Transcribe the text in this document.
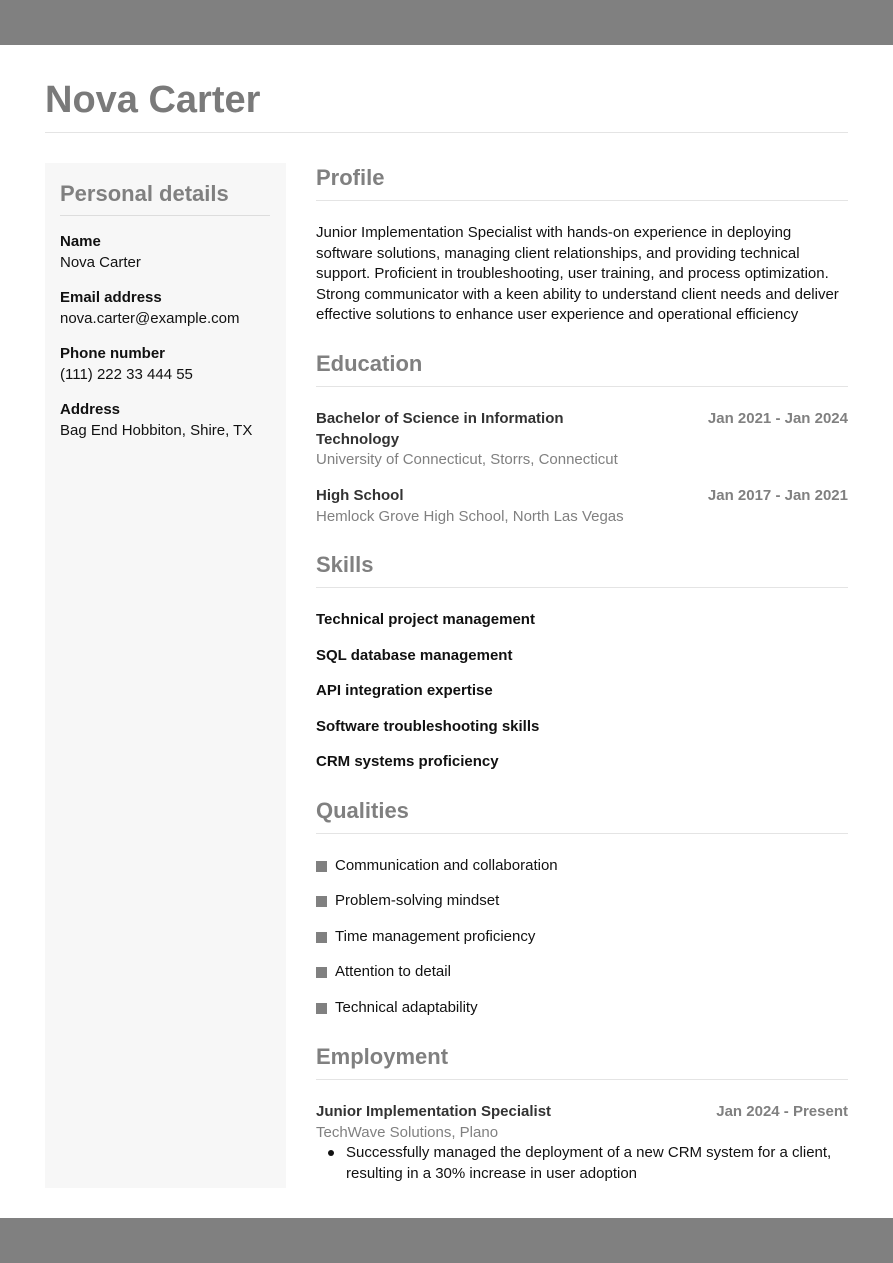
Nova Carter
Personal details
Name
Nova Carter
Email address
nova.carter@example.com
Phone number
(111) 222 33 444 55
Address
Bag End Hobbiton, Shire, TX
Profile
Junior Implementation Specialist with hands-on experience in deploying software solutions, managing client relationships, and providing technical support. Proficient in troubleshooting, user training, and process optimization. Strong communicator with a keen ability to understand client needs and deliver effective solutions to enhance user experience and operational efficiency
Education
Bachelor of Science in Information Technology
Jan 2021 - Jan 2024
University of Connecticut, Storrs, Connecticut
High School	Jan 2017 - Jan 2021
Hemlock Grove High School, North Las Vegas
Skills
Technical project management
SQL database management
API integration expertise
Software troubleshooting skills
CRM systems proficiency
Qualities
Communication and collaboration
Problem-solving mindset
Time management proficiency
Attention to detail
Technical adaptability
Employment
Junior Implementation Specialist	Jan 2024 - Present
TechWave Solutions, Plano
Successfully managed the deployment of a new CRM system for a client, resulting in a 30% increase in user adoption
